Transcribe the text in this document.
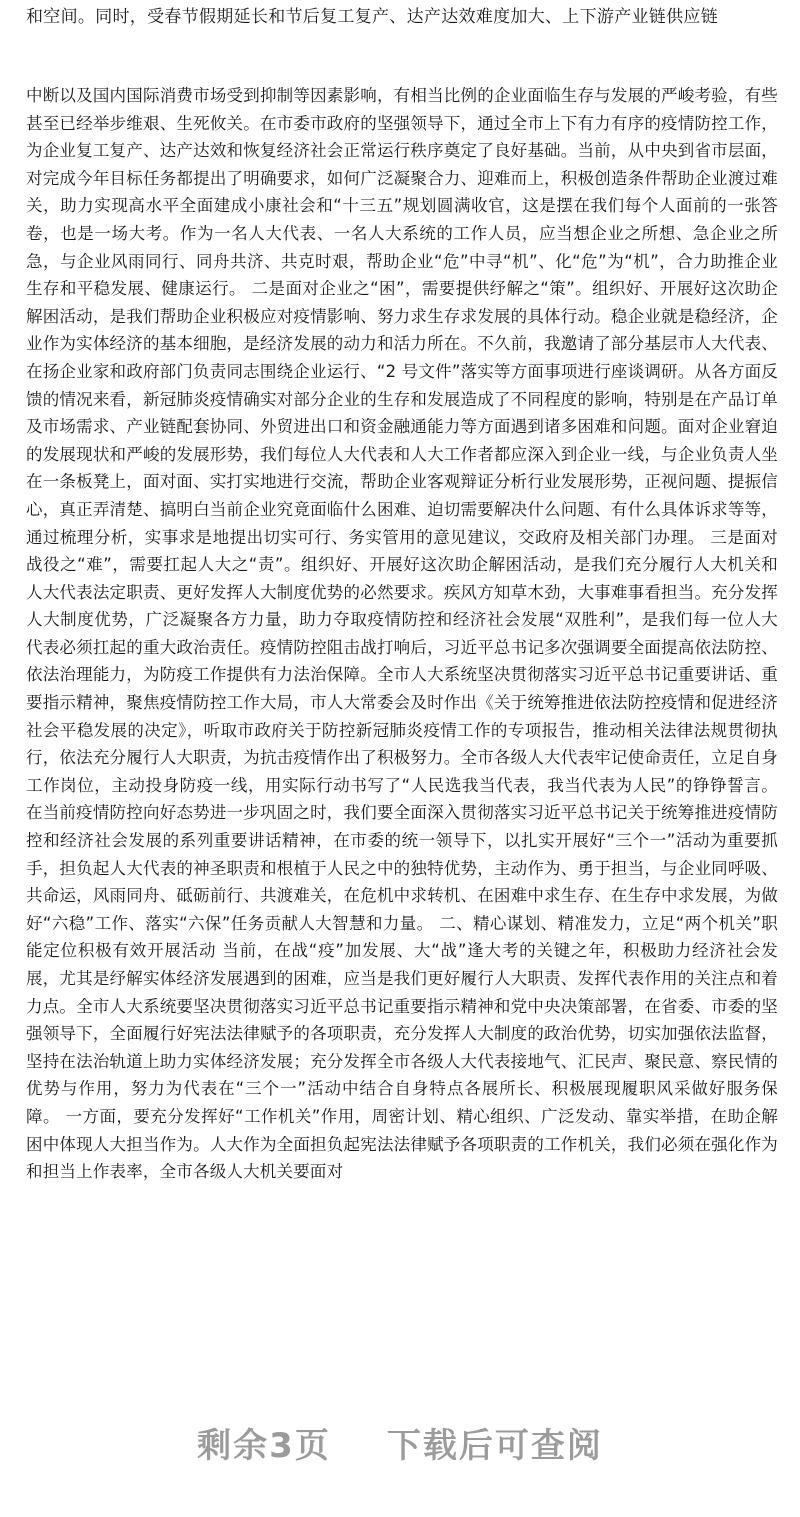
和空间。同时，受春节假期延长和节后复工复产、达产达效难度加大、上下游产业链供应链

中断以及国内国际消费市场受到抑制等因素影响，有相当比例的企业面临生存与发展的严峻考验，有些甚至已经举步维艰、生死攸关。在市委市政府的坚强领导下，通过全市上下有力有序的疫情防控工作，为企业复工复产、达产达效和恢复经济社会正常运行秩序奠定了良好基础。当前，从中央到省市层面，对完成今年目标任务都提出了明确要求，如何广泛凝聚合力、迎难而上，积极创造条件帮助企业渡过难关，助力实现高水平全面建成小康社会和“十三五”规划圆满收官，这是摆在我们每个人面前的一张答卷，也是一场大考。作为一名人大代表、一名人大系统的工作人员，应当想企业之所想、急企业之所急，与企业风雨同行、同舟共济、共克时艰，帮助企业“危”中寻“机”、化“危”为“机”，合力助推企业生存和平稳发展、健康运行。 二是面对企业之“困”，需要提供纾解之“策”。组织好、开展好这次助企解困活动，是我们帮助企业积极应对疫情影响、努力求生存求发展的具体行动。稳企业就是稳经济，企业作为实体经济的基本细胞，是经济发展的动力和活力所在。不久前，我邀请了部分基层市人大代表、在扬企业家和政府部门负责同志围绕企业运行、“2 号文件”落实等方面事项进行座谈调研。从各方面反馈的情况来看，新冠肺炎疫情确实对部分企业的生存和发展造成了不同程度的影响，特别是在产品订单及市场需求、产业链配套协同、外贸进出口和资金融通能力等方面遇到诸多困难和问题。面对企业窘迫的发展现状和严峻的发展形势，我们每位人大代表和人大工作者都应深入到企业一线，与企业负责人坐在一条板凳上，面对面、实打实地进行交流，帮助企业客观辩证分析行业发展形势，正视问题、提振信心，真正弄清楚、搞明白当前企业究竟面临什么困难、迫切需要解决什么问题、有什么具体诉求等等，通过梳理分析，实事求是地提出切实可行、务实管用的意见建议，交政府及相关部门办理。 三是面对战役之“难”，需要扛起人大之“责”。组织好、开展好这次助企解困活动，是我们充分履行人大机关和人大代表法定职责、更好发挥人大制度优势的必然要求。疾风方知草木劲，大事难事看担当。充分发挥人大制度优势，广泛凝聚各方力量，助力夺取疫情防控和经济社会发展“双胜利”，是我们每一位人大代表必须扛起的重大政治责任。疫情防控阻击战打响后，习近平总书记多次强调要全面提高依法防控、依法治理能力，为防疫工作提供有力法治保障。全市人大系统坚决贯彻落实习近平总书记重要讲话、重要指示精神，聚焦疫情防控工作大局，市人大常委会及时作出《关于统筹推进依法防控疫情和促进经济社会平稳发展的决定》，听取市政府关于防控新冠肺炎疫情工作的专项报告，推动相关法律法规贯彻执行，依法充分履行人大职责，为抗击疫情作出了积极努力。全市各级人大代表牢记使命责任，立足自身工作岗位，主动投身防疫一线，用实际行动书写了“人民选我当代表，我当代表为人民”的铮铮誓言。在当前疫情防控向好态势进一步巩固之时，我们要全面深入贯彻落实习近平总书记关于统筹推进疫情防控和经济社会发展的系列重要讲话精神，在市委的统一领导下，以扎实开展好“三个一”活动为重要抓手，担负起人大代表的神圣职责和根植于人民之中的独特优势，主动作为、勇于担当，与企业同呼吸、共命运，风雨同舟、砥砺前行、共渡难关，在危机中求转机、在困难中求生存、在生存中求发展，为做好“六稳”工作、落实“六保”任务贡献人大智慧和力量。 二、精心谋划、精准发力，立足“两个机关”职能定位积极有效开展活动 当前，在战“疫”加发展、大“战”逢大考的关键之年，积极助力经济社会发展，尤其是纾解实体经济发展遇到的困难，应当是我们更好履行人大职责、发挥代表作用的关注点和着力点。全市人大系统要坚决贯彻落实习近平总书记重要指示精神和党中央决策部署，在省委、市委的坚强领导下，全面履行好宪法法律赋予的各项职责，充分发挥人大制度的政治优势，切实加强依法监督，坚持在法治轨道上助力实体经济发展；充分发挥全市各级人大代表接地气、汇民声、聚民意、察民情的优势与作用，努力为代表在“三个一”活动中结合自身特点各展所长、积极展现履职风采做好服务保障。 一方面，要充分发挥好“工作机关”作用，周密计划、精心组织、广泛发动、靠实举措，在助企解困中体现人大担当作为。人大作为全面担负起宪法法律赋予各项职责的工作机关，我们必须在强化作为和担当上作表率，全市各级人大机关要面对

剩余3页 下载后可查阅
